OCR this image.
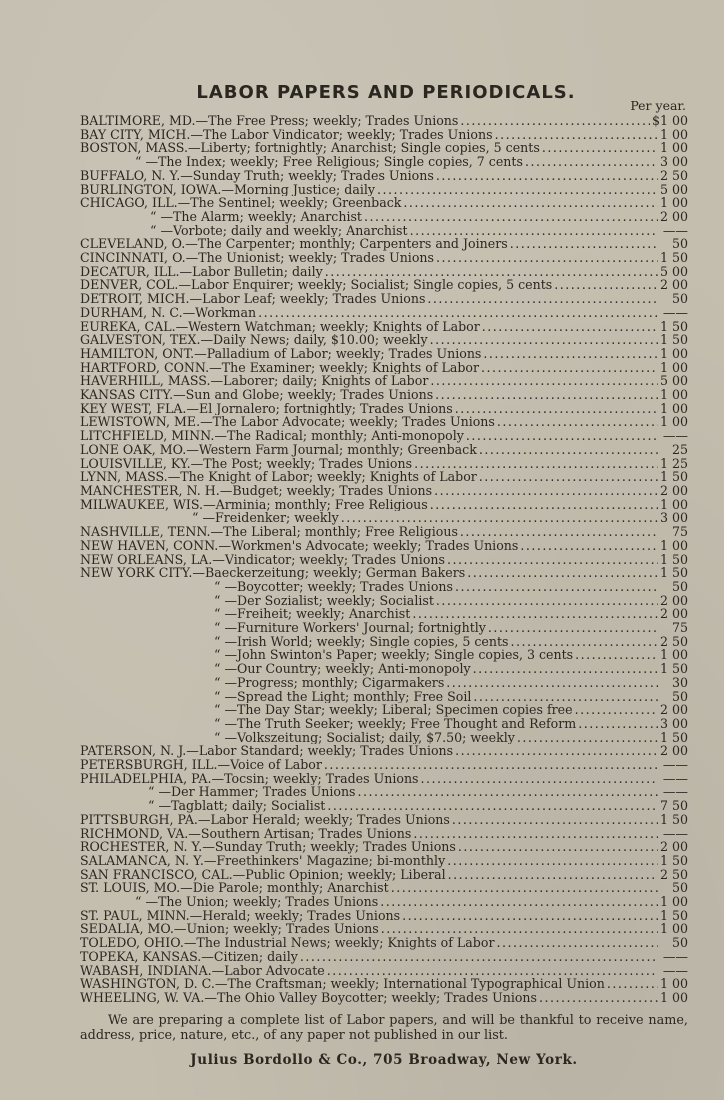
LABOR PAPERS AND PERIODICALS.
Per year.
BALTIMORE, MD.—The Free Press; weekly; Trades Unions .....	$1 00
BAY CITY, MICH.—The Labor Vindicator; weekly; Trades Unions .....	1 00
BOSTON, MASS.—Liberty; fortnightly; Anarchist; Single copies, 5 cents .....	1 00
“ —The Index; weekly; Free Religious; Single copies, 7 cents .....	3 00
BUFFALO, N. Y.—Sunday Truth; weekly; Trades Unions .....	2 50
BURLINGTON, IOWA.—Morning Justice; daily .....	5 00
CHICAGO, ILL.—The Sentinel; weekly; Greenback .....	1 00
“ —The Alarm; weekly; Anarchist .....	2 00
“ —Vorbote; daily and weekly; Anarchist .....	——
CLEVELAND, O.—The Carpenter; monthly; Carpenters and Joiners .....	50
CINCINNATI, O.—The Unionist; weekly; Trades Unions .....	1 50
DECATUR, ILL.—Labor Bulletin; daily .....	5 00
DENVER, COL.—Labor Enquirer; weekly; Socialist; Single copies, 5 cents .....	2 00
DETROIT, MICH.—Labor Leaf; weekly; Trades Unions .....	50
DURHAM, N. C.—Workman .....	——
EUREKA, CAL.—Western Watchman; weekly; Knights of Labor .....	1 50
GALVESTON, TEX.—Daily News; daily, $10.00; weekly .....	1 50
HAMILTON, ONT.—Palladium of Labor; weekly; Trades Unions .....	1 00
HARTFORD, CONN.—The Examiner; weekly; Knights of Labor .....	1 00
HAVERHILL, MASS.—Laborer; daily; Knights of Labor .....	5 00
KANSAS CITY.—Sun and Globe; weekly; Trades Unions .....	1 00
KEY WEST, FLA.—El Jornalero; fortnightly; Trades Unions .....	1 00
LEWISTOWN, ME.—The Labor Advocate; weekly; Trades Unions .....	1 00
LITCHFIELD, MINN.—The Radical; monthly; Anti-monopoly .....	——
LONE OAK, MO.—Western Farm Journal; monthly; Greenback .....	25
LOUISVILLE, KY.—The Post; weekly; Trades Unions .....	1 25
LYNN, MASS.—The Knight of Labor; weekly; Knights of Labor .....	1 50
MANCHESTER, N. H.—Budget; weekly; Trades Unions .....	2 00
MILWAUKEE, WIS.—Arminia; monthly; Free Religious .....	1 00
“ —Freidenker; weekly .....	3 00
NASHVILLE, TENN.—The Liberal; monthly; Free Religious .....	75
NEW HAVEN, CONN.—Workmen's Advocate; weekly; Trades Unions .....	1 00
NEW ORLEANS, LA.—Vindicator; weekly; Trades Unions .....	1 50
NEW YORK CITY.—Baeckerzeitung; weekly; German Bakers .....	1 50
“ —Boycotter; weekly; Trades Unions .....	50
“ —Der Sozialist; weekly; Socialist .....	2 00
“ —Freiheit; weekly; Anarchist .....	2 00
“ —Furniture Workers' Journal; fortnightly .....	75
“ —Irish World; weekly; Single copies, 5 cents .....	2 50
“ —John Swinton's Paper; weekly; Single copies, 3 cents .....	1 00
“ —Our Country; weekly; Anti-monopoly .....	1 50
“ —Progress; monthly; Cigarmakers .....	30
“ —Spread the Light; monthly; Free Soil .....	50
“ —The Day Star; weekly; Liberal; Specimen copies free .....	2 00
“ —The Truth Seeker; weekly; Free Thought and Reform .....	3 00
“ —Volkszeitung; Socialist; daily, $7.50; weekly .....	1 50
PATERSON, N. J.—Labor Standard; weekly; Trades Unions .....	2 00
PETERSBURGH, ILL.—Voice of Labor .....	——
PHILADELPHIA, PA.—Tocsin; weekly; Trades Unions .....	——
“ —Der Hammer; Trades Unions .....	——
“ —Tagblatt; daily; Socialist .....	7 50
PITTSBURGH, PA.—Labor Herald; weekly; Trades Unions .....	1 50
RICHMOND, VA.—Southern Artisan; Trades Unions .....	——
ROCHESTER, N. Y.—Sunday Truth; weekly; Trades Unions .....	2 00
SALAMANCA, N. Y.—Freethinkers' Magazine; bi-monthly .....	1 50
SAN FRANCISCO, CAL.—Public Opinion; weekly; Liberal .....	2 50
ST. LOUIS, MO.—Die Parole; monthly; Anarchist .....	50
“ —The Union; weekly; Trades Unions .....	1 00
ST. PAUL, MINN.—Herald; weekly; Trades Unions .....	1 50
SEDALIA, MO.—Union; weekly; Trades Unions .....	1 00
TOLEDO, OHIO.—The Industrial News; weekly; Knights of Labor .....	50
TOPEKA, KANSAS.—Citizen; daily .....	——
WABASH, INDIANA.—Labor Advocate .....	——
WASHINGTON, D. C.—The Craftsman; weekly; International Typographical Union .....	1 00
WHEELING, W. VA.—The Ohio Valley Boycotter; weekly; Trades Unions .....	1 00

We are preparing a complete list of Labor papers, and will be thankful to receive name, address, price, nature, etc., of any paper not published in our list.

Julius Bordollo & Co., 705 Broadway, New York.
